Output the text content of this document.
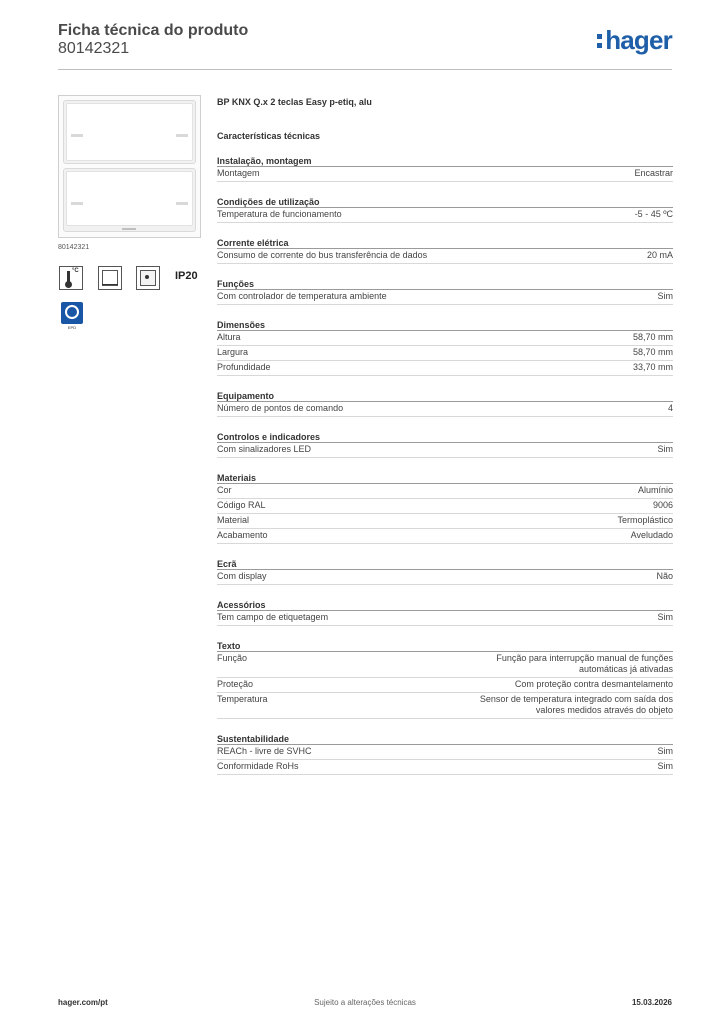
Ficha técnica do produto
80142321	hager
80142321
°C	IP20
EPD
BP KNX Q.x 2 teclas Easy p-etiq, alu
Características técnicas
Instalação, montagem
Montagem	Encastrar
Condições de utilização
Temperatura de funcionamento	-5 - 45 ºC
Corrente elétrica
Consumo de corrente do bus transferência de dados	20 mA
Funções
Com controlador de temperatura ambiente	Sim
Dimensões
Altura	58,70 mm
Largura	58,70 mm
Profundidade	33,70 mm
Equipamento
Número de pontos de comando	4
Controlos e indicadores
Com sinalizadores LED	Sim
Materiais
Cor	Alumínio
Código RAL	9006
Material	Termoplástico
Acabamento	Aveludado
Ecrã
Com display	Não
Acessórios
Tem campo de etiquetagem	Sim
Texto
Função	Função para interrupção manual de funções automáticas já ativadas
Proteção	Com proteção contra desmantelamento
Temperatura	Sensor de temperatura integrado com saída dos valores medidos através do objeto
Sustentabilidade
REACh - livre de SVHC	Sim
Conformidade RoHs	Sim
hager.com/pt	Sujeito a alterações técnicas	15.03.2026
